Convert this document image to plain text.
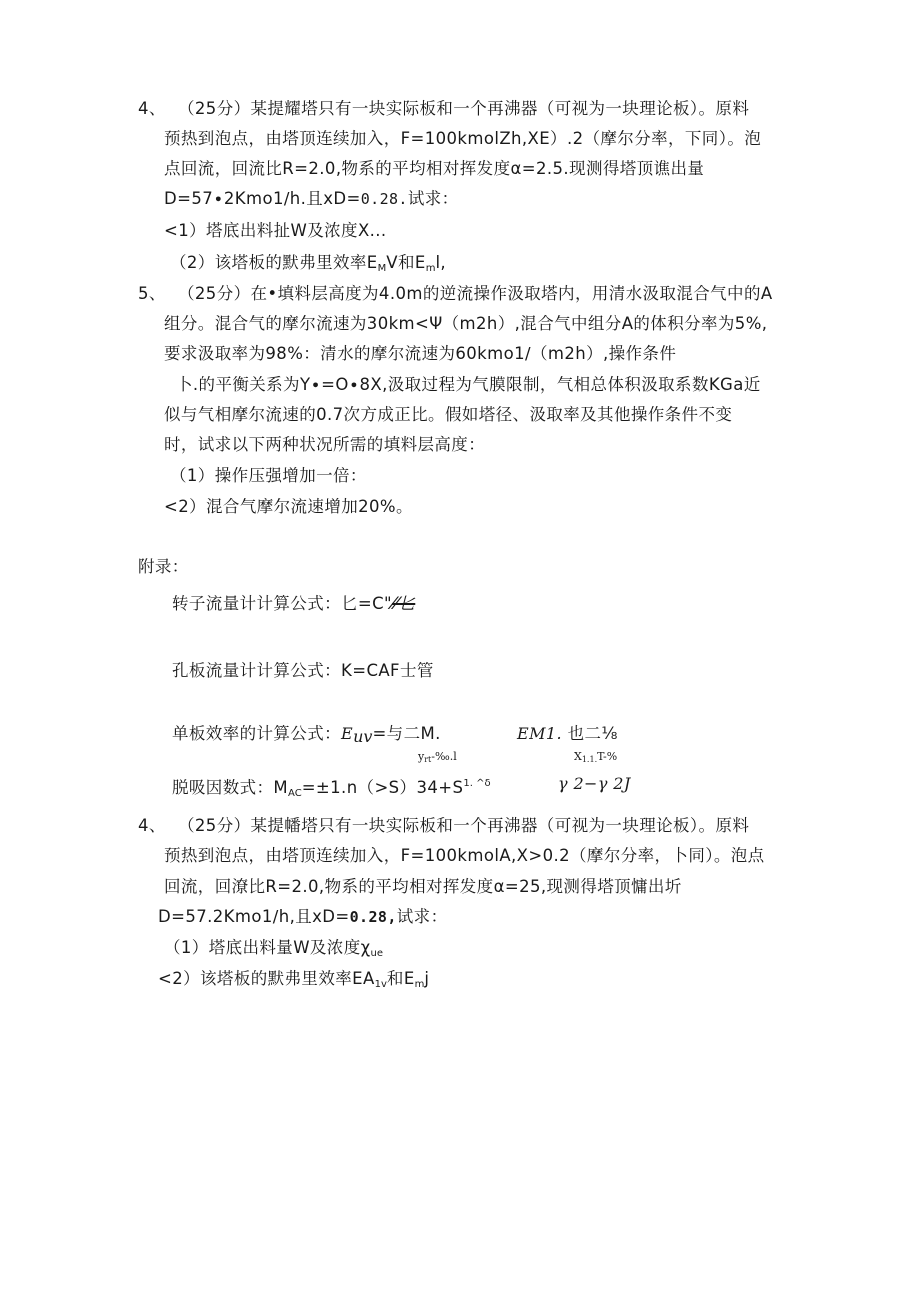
4、 （25分）某提耀塔只有一块实际板和一个再沸器（可视为一块理论板）。原料
预热到泡点，由塔顶连续加入，F=100kmolZh,XE）.2（摩尔分率，下同）。泡
点回流，回流比R=2.0,物系的平均相对挥发度α=2.5.现测得塔顶谯出量
D=57∙2Kmo1∕h.且xD=0.28.试求：
<1）塔底出料扯W及浓度X...
（2）该塔板的默弗里效率$E_MV$和$E_ml$,
5、 （25分）在•填料层高度为4.0m的逆流操作汲取塔内，用清水汲取混合气中的A
组分。混合气的摩尔流速为30km<Ψ（m2h）,混合气中组分A的体积分率为5%,
要求汲取率为98%：清水的摩尔流速为60kmo1∕（m2h）,操作条件
卜.的平衡关系为Y∙=O∙8X,汲取过程为气膜限制，气相总体积汲取系数KGa近
似与气相摩尔流速的0.7次方成正比。假如塔径、汲取率及其他操作条件不变
时，试求以下两种状况所需的填料层高度：
（1）操作压强增加一倍：
<2）混合气摩尔流速增加20%。
附录：
转子流量计计算公式：匕=C"⁄⁄匕
孔板流量计计算公式：K=CAF士管
单板效率的计算公式：Euv=与二M.	EM1. 也二⅛
yrt-‰.l	X1.1.T-%
脱吸因数式：$M_{AC}=\pm 1.n(>S)34+S^{1. \^{}\delta}$	γ 2−γ 2J
4、 （25分）某提幡塔只有一块实际板和一个再沸器（可视为一块理论板）。原料
预热到泡点，由塔顶连续加入，F=100kmolA,X>0.2（摩尔分率，卜同）。泡点
回流，回潦比R=2.0,物系的平均相对挥发度α=25,现测得塔顶慵出圻
D=57.2Kmo1∕h,且xD=0.28,试求：
（1）塔底出料量W及浓度$\chi_{ue}$
<2）该塔板的默弗里效率$EA_{1v}$和$E_mj$
